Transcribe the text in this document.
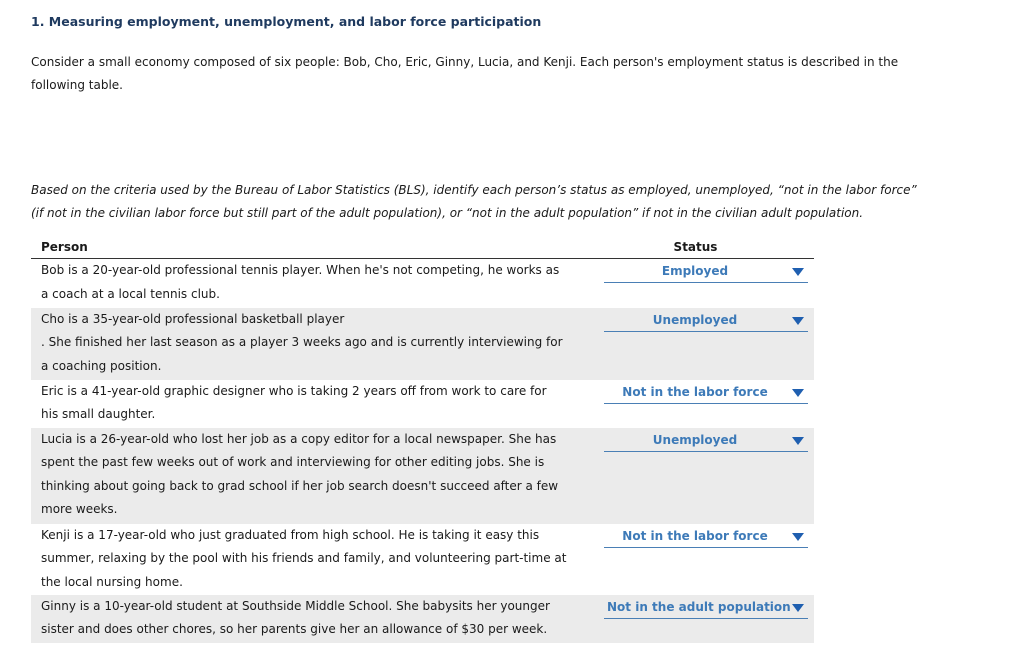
1. Measuring employment, unemployment, and labor force participation

Consider a small economy composed of six people: Bob, Cho, Eric, Ginny, Lucia, and Kenji. Each person's employment status is described in the following table.

Based on the criteria used by the Bureau of Labor Statistics (BLS), identify each person’s status as employed, unemployed, “not in the labor force” (if not in the civilian labor force but still part of the adult population), or “not in the adult population” if not in the civilian adult population.

Person	Status
Bob is a 20-year-old professional tennis player. When he's not competing, he works as a coach at a local tennis club.	Employed

Cho is a 35-year-old professional basketball player
. She finished her last season as a player 3 weeks ago and is currently interviewing for a coaching position.	Unemployed

Eric is a 41-year-old graphic designer who is taking 2 years off from work to care for his small daughter.	Not in the labor force

Lucia is a 26-year-old who lost her job as a copy editor for a local newspaper. She has spent the past few weeks out of work and interviewing for other editing jobs. She is thinking about going back to grad school if her job search doesn't succeed after a few more weeks.	Unemployed

Kenji is a 17-year-old who just graduated from high school. He is taking it easy this summer, relaxing by the pool with his friends and family, and volunteering part-time at the local nursing home.	Not in the labor force

Ginny is a 10-year-old student at Southside Middle School. She babysits her younger sister and does other chores, so her parents give her an allowance of $30 per week.	Not in the adult population
